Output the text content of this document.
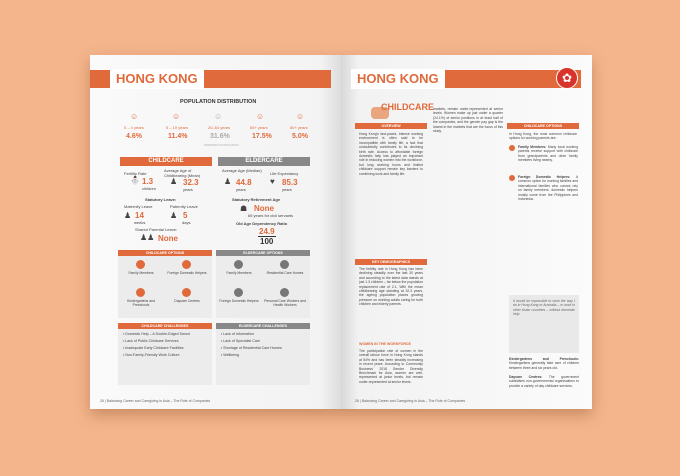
HONG KONG
POPULATION DISTRIBUTION
☺
0 – 4 years
4.6%
☺
5 – 19 years
11.4%
☺
20–64 years
31.6%
WORKING POPULATION
☺
65+ years
17.5%
☺
80+ years
5.0%
CHILDCARE	ELDERCARE
Fertility Rate
⛄ 1.3
children
Average Age of Childbearing (Mean)
♟ 32.3
years
Statutory Leave:
Maternity Leave	Paternity Leave
♟ 14
weeks
♟ 5
days
Shared Parental Leave:
♟♟ None
Average Age (Median)
♟ 44.8
years
Life Expectancy
♥ 85.3
years
Statutory Retirement Age
☗ None
65 years for civil servants
Old Age Dependency Ratio
24.9
100
CHILDCARE OPTIONS	ELDERCARE OPTIONS
Family Members	Foreign Domestic Helpers
Kindergartens and Preschools
Daycare Centres
Family Members	Residential Care Homes
Foreign Domestic Helpers	Personal Care Workers and Health Workers
CHILDCARE CHALLENGES	ELDERCARE CHALLENGES
• Domestic Help – A Double-Edged Sword
• Lack of Public Childcare Services
• Inadequate Early Childcare Facilities
• Non-Family-Friendly Work Culture
• Lack of Information
• Lack of Specialist Care
• Shortage of Residential Care Homes
• Wellbeing
26 | Balancing Career and Caregiving in Asia – The Role of Companies
HONG KONG	✿
CHILDCARE
OVERVIEW
Hong Kong's fast-paced, intense working environment is often said to be incompatible with family life, a fact that undoubtedly contributes to its declining birth rate. Access to affordable foreign domestic help has played an important role in reducing women into the workforce, but long working hours and limited childcare support remain key barriers to combining work and family life.
KEY DEMOGRAPHICS
The fertility rate in Hong Kong has been declining steadily over the last 30 years and according to the latest data stands at just 1.3 children – far below the population replacement rate of 2.1. With the mean childbearing age standing at 32.3 years, the ageing population places growing pressure on working adults caring for both children and elderly parents.
WOMEN IN THE WORKFORCE
The participation rate of women in the overall labour force in Hong Kong stands at 54% and has been steadily increasing in recent years. According to Community Business' 2018 Gender Diversity Benchmark for Asia, women are well-represented at junior levels, but remain under-represented at senior levels.
markets, remain under-represented at senior levels. Women make up just under a quarter (24.1%) of senior positions in at least half of the companies, and the gender pay gap is the lowest in the markets that are the focus of this study.
CHILDCARE OPTIONS
In Hong Kong, the most common childcare options for working parents are:
Family Members: Many local working parents receive support with childcare from grandparents and other family members living nearby.
Foreign Domestic Helpers: A common option for working families and international families who cannot rely on family members, domestic helpers mostly come from the Philippines and Indonesia.
Kindergartens and Preschools: Kindergartens generally take care of children between three and six years old.
Daycare Centres: The government subsidises non-governmental organisations to provide a variety of day childcare services.
It would be impossible to work the way I do in Hong Kong or Australia – or work in other Asian countries – without domestic help.
26 | Balancing Career and Caregiving in Asia – The Role of Companies
